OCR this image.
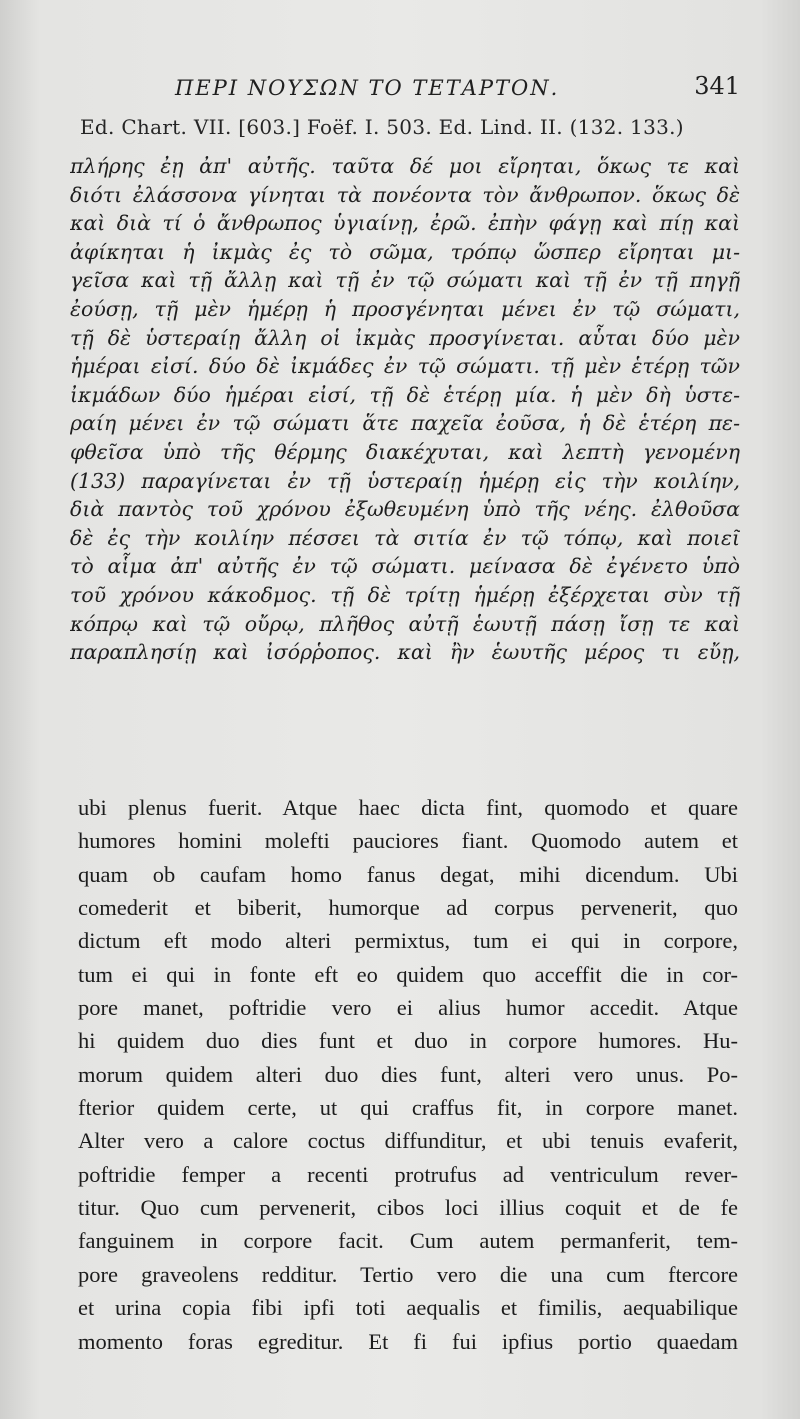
ΠΕΡΙ ΝΟΥΣΩΝ ΤΟ ΤΕΤΑΡΤΟΝ.	341
Ed. Chart. VII. [603.] Foëf. I. 503. Ed. Lind. II. (132. 133.)
πλήρης ἐῃ ἀπ' αὐτῆς. ταῦτα δέ μοι εἴρηται, ὅκως τε καὶ
διότι ἐλάσσονα γίνηται τὰ πονέοντα τὸν ἄνθρωπον. ὅκως δὲ
καὶ διὰ τί ὁ ἄνθρωπος ὑγιαίνῃ, ἐρῶ. ἐπὴν φάγῃ καὶ πίῃ καὶ
ἀφίκηται ἡ ἰκμὰς ἐς τὸ σῶμα, τρόπῳ ὥσπερ εἴρηται μι-
γεῖσα καὶ τῇ ἄλλῃ καὶ τῇ ἐν τῷ σώματι καὶ τῇ ἐν τῇ πηγῇ
ἐούσῃ, τῇ μὲν ἡμέρῃ ἡ προσγένηται μένει ἐν τῷ σώματι,
τῇ δὲ ὑστεραίῃ ἄλλη οἱ ἰκμὰς προσγίνεται. αὗται δύο μὲν
ἡμέραι εἰσί. δύο δὲ ἰκμάδες ἐν τῷ σώματι. τῇ μὲν ἑτέρῃ τῶν
ἰκμάδων δύο ἡμέραι εἰσί, τῇ δὲ ἑτέρῃ μία. ἡ μὲν δὴ ὑστε-
ραίη μένει ἐν τῷ σώματι ἅτε παχεῖα ἐοῦσα, ἡ δὲ ἑτέρη πε-
φθεῖσα ὑπὸ τῆς θέρμης διακέχυται, καὶ λεπτὴ γενομένη
(133) παραγίνεται ἐν τῇ ὑστεραίῃ ἡμέρῃ εἰς τὴν κοιλίην,
διὰ παντὸς τοῦ χρόνου ἐξωθευμένη ὑπὸ τῆς νέης. ἐλθοῦσα
δὲ ἐς τὴν κοιλίην πέσσει τὰ σιτία ἐν τῷ τόπῳ, καὶ ποιεῖ
τὸ αἷμα ἀπ' αὐτῆς ἐν τῷ σώματι. μείνασα δὲ ἐγένετο ὑπὸ
τοῦ χρόνου κάκοδμος. τῇ δὲ τρίτῃ ἡμέρῃ ἐξέρχεται σὺν τῇ
κόπρῳ καὶ τῷ οὔρῳ, πλῆθος αὐτῇ ἑωυτῇ πάσῃ ἴσῃ τε καὶ
παραπλησίῃ καὶ ἰσόρῥοπος. καὶ ἢν ἑωυτῆς μέρος τι εὔῃ,
ubi plenus fuerit. Atque haec dicta fint, quomodo et quare
humores homini molefti pauciores fiant. Quomodo autem et
quam ob caufam homo fanus degat, mihi dicendum. Ubi
comederit et biberit, humorque ad corpus pervenerit, quo
dictum eft modo alteri permixtus, tum ei qui in corpore,
tum ei qui in fonte eft eo quidem quo acceffit die in cor-
pore manet, poftridie vero ei alius humor accedit. Atque
hi quidem duo dies funt et duo in corpore humores. Hu-
morum quidem alteri duo dies funt, alteri vero unus. Po-
fterior quidem certe, ut qui craffus fit, in corpore manet.
Alter vero a calore coctus diffunditur, et ubi tenuis evaferit,
poftridie femper a recenti protrufus ad ventriculum rever-
titur. Quo cum pervenerit, cibos loci illius coquit et de fe
fanguinem in corpore facit. Cum autem permanferit, tem-
pore graveolens redditur. Tertio vero die una cum ftercore
et urina copia fibi ipfi toti aequalis et fimilis, aequabilique
momento foras egreditur. Et fi fui ipfius portio quaedam
